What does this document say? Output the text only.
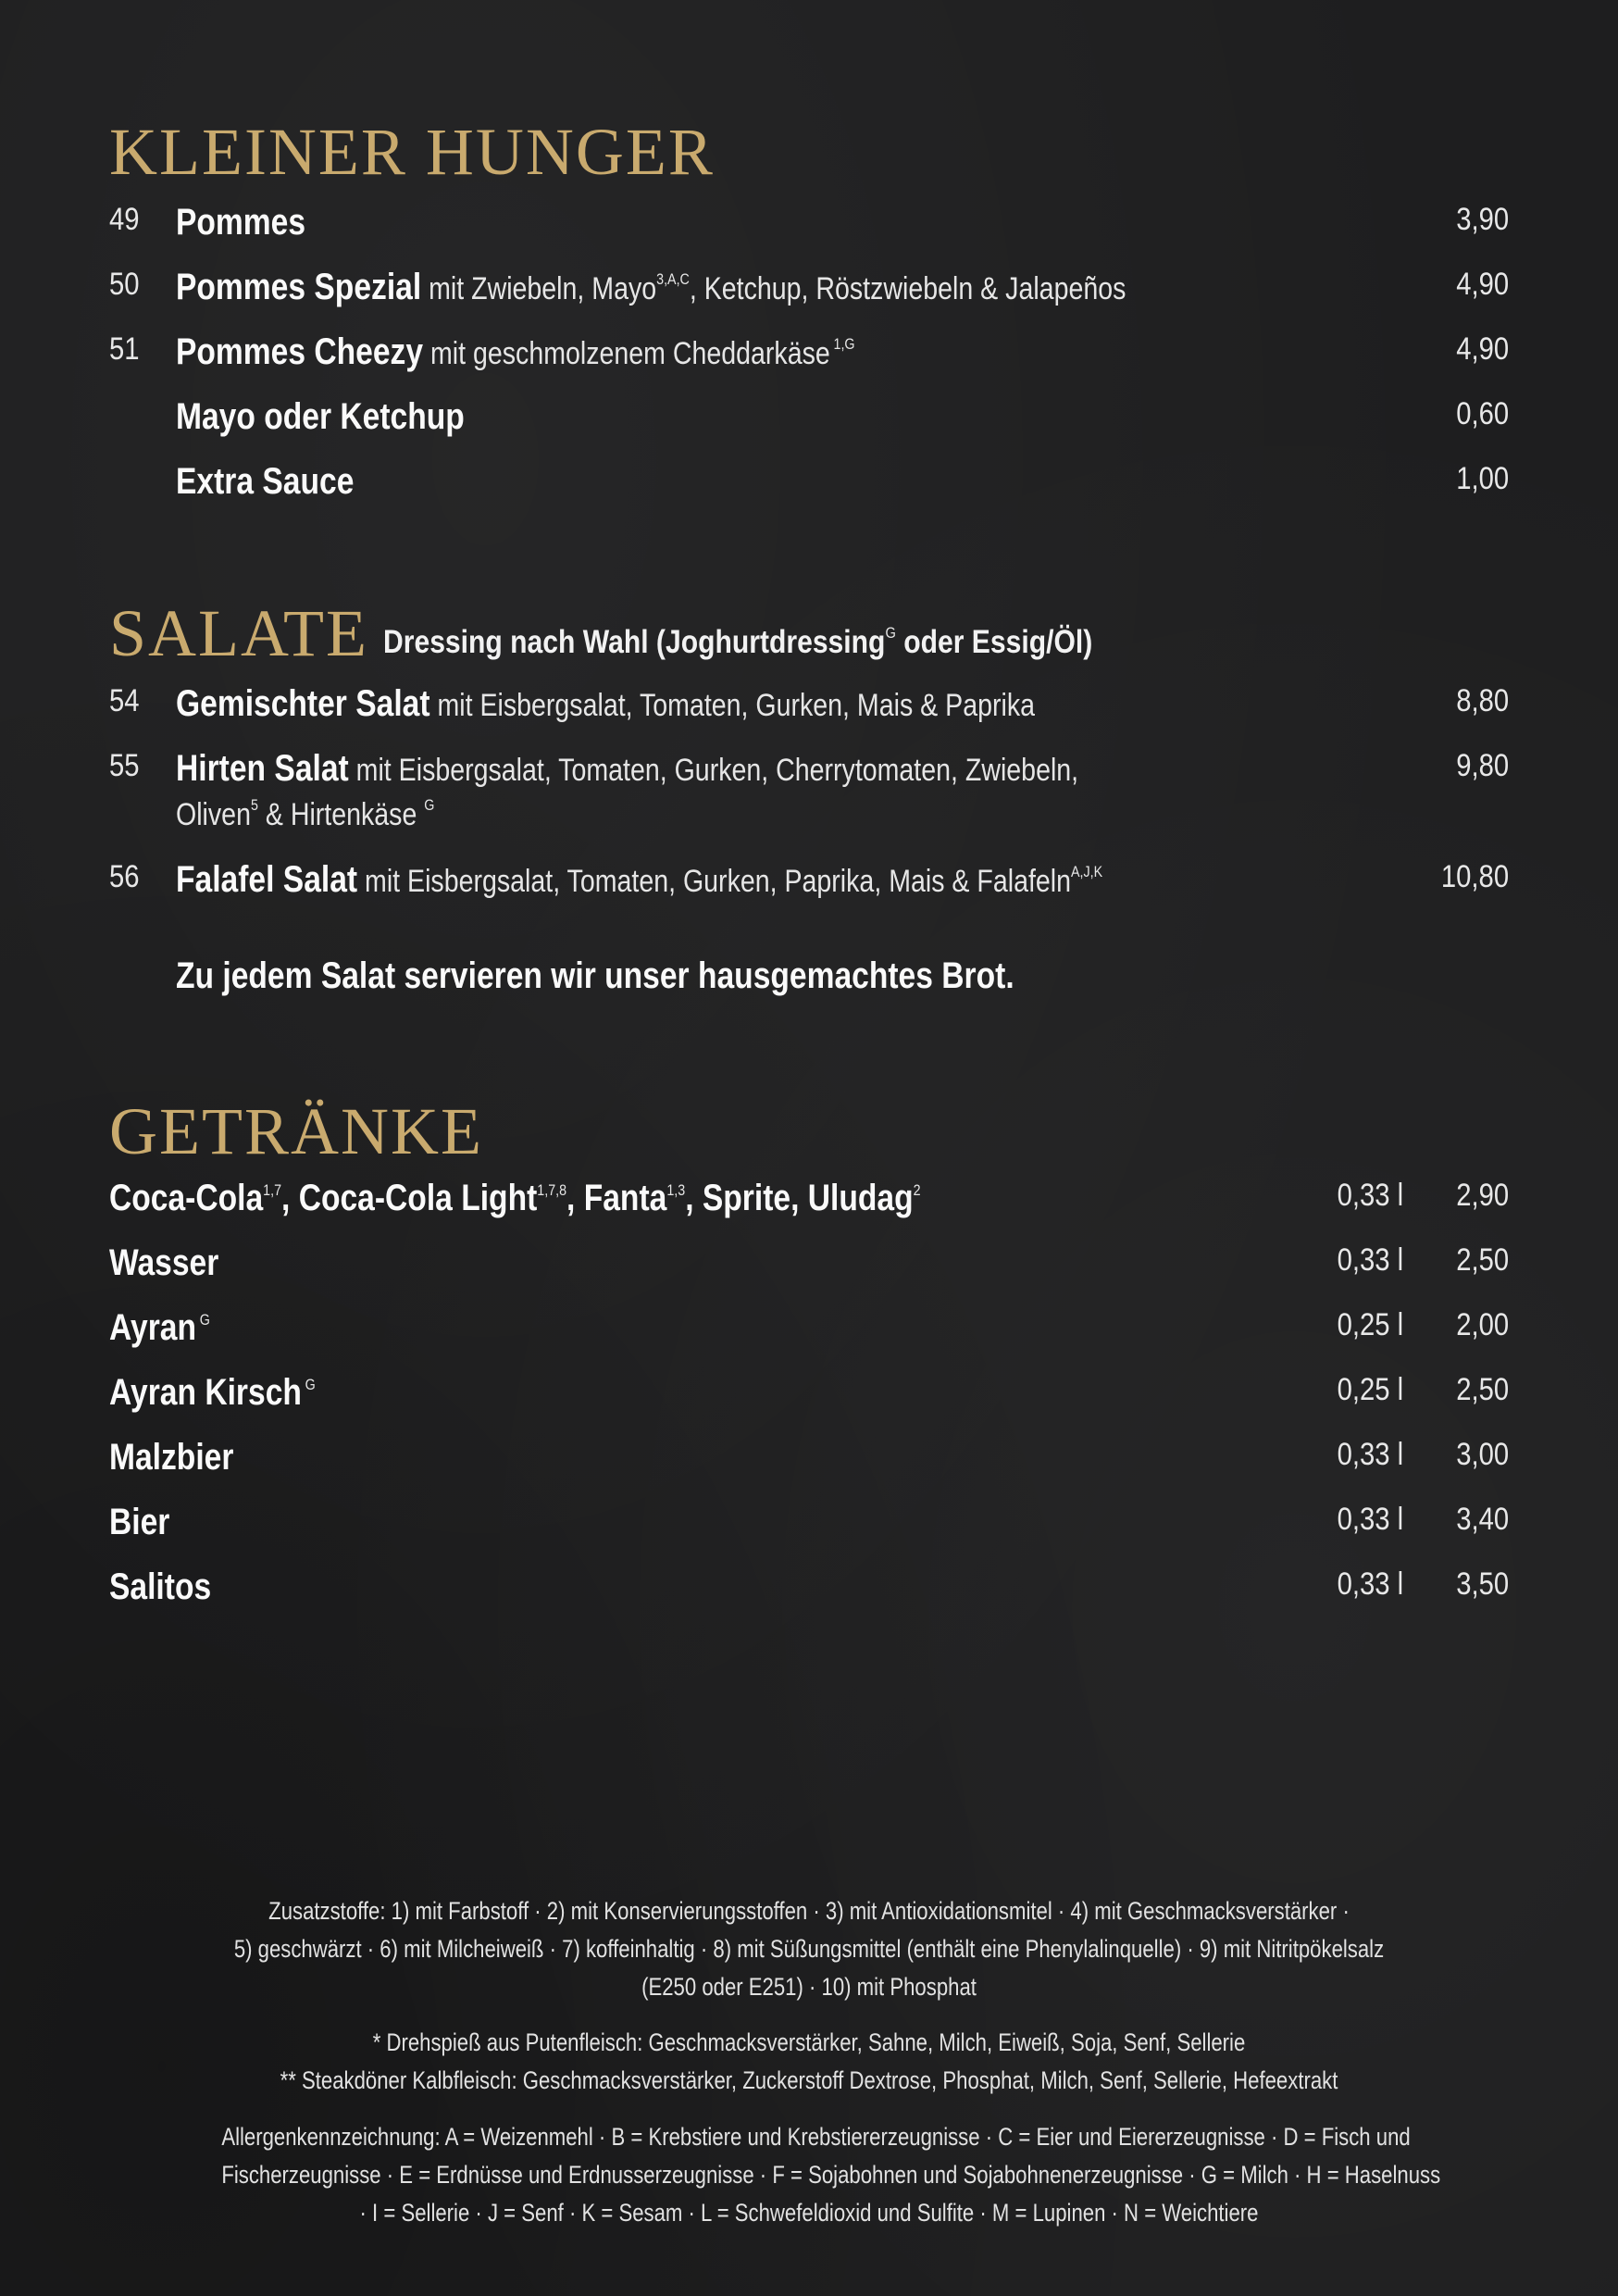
KLEINER HUNGER
49 Pommes	3,90
50 Pommes Spezial mit Zwiebeln, Mayo$^{3,A,C}$, Ketchup, Röstzwiebeln & Jalapeños	4,90
51 Pommes Cheezy mit geschmolzenem Cheddarkäse $^{1,G}$	4,90
Mayo oder Ketchup	0,60
Extra Sauce	1,00
SALATE Dressing nach Wahl (Joghurtdressing$^G$ oder Essig/Öl)
54 Gemischter Salat mit Eisbergsalat, Tomaten, Gurken, Mais & Paprika	8,80
55 Hirten Salat mit Eisbergsalat, Tomaten, Gurken, Cherrytomaten, Zwiebeln,	9,80
Oliven$^5$ & Hirtenkäse $^G$
56 Falafel Salat mit Eisbergsalat, Tomaten, Gurken, Paprika, Mais & Falafeln$^{A,J,K}$	10,80
Zu jedem Salat servieren wir unser hausgemachtes Brot.
GETRÄNKE
Coca-Cola$^{1,7}$, Coca-Cola Light$^{1,7,8}$, Fanta$^{1,3}$, Sprite, Uludag$^2$	0,33 l 2,90
Wasser	0,33 l 2,50
Ayran $^G$	0,25 l 2,00
Ayran Kirsch $^G$	0,25 l 2,50
Malzbier	0,33 l 3,00
Bier	0,33 l 3,40
Salitos	0,33 l 3,50

Zusatzstoffe: 1) mit Farbstoff · 2) mit Konservierungsstoffen · 3) mit Antioxidationsmitel · 4) mit Geschmacksverstärker ·

5) geschwärzt · 6) mit Milcheiweiß · 7) koffeinhaltig · 8) mit Süßungsmittel (enthält eine Phenylalinquelle) · 9) mit Nitritpökelsalz

(E250 oder E251) · 10) mit Phosphat

* Drehspieß aus Putenfleisch: Geschmacksverstärker, Sahne, Milch, Eiweiß, Soja, Senf, Sellerie

** Steakdöner Kalbfleisch: Geschmacksverstärker, Zuckerstoff Dextrose, Phosphat, Milch, Senf, Sellerie, Hefeextrakt

Allergenkennzeichnung: A = Weizenmehl · B = Krebstiere und Krebstiererzeugnisse · C = Eier und Eiererzeugnisse · D = Fisch und

Fischerzeugnisse · E = Erdnüsse und Erdnusserzeugnisse · F = Sojabohnen und Sojabohnenerzeugnisse · G = Milch · H = Haselnuss

· I = Sellerie · J = Senf · K = Sesam · L = Schwefeldioxid und Sulfite · M = Lupinen · N = Weichtiere
